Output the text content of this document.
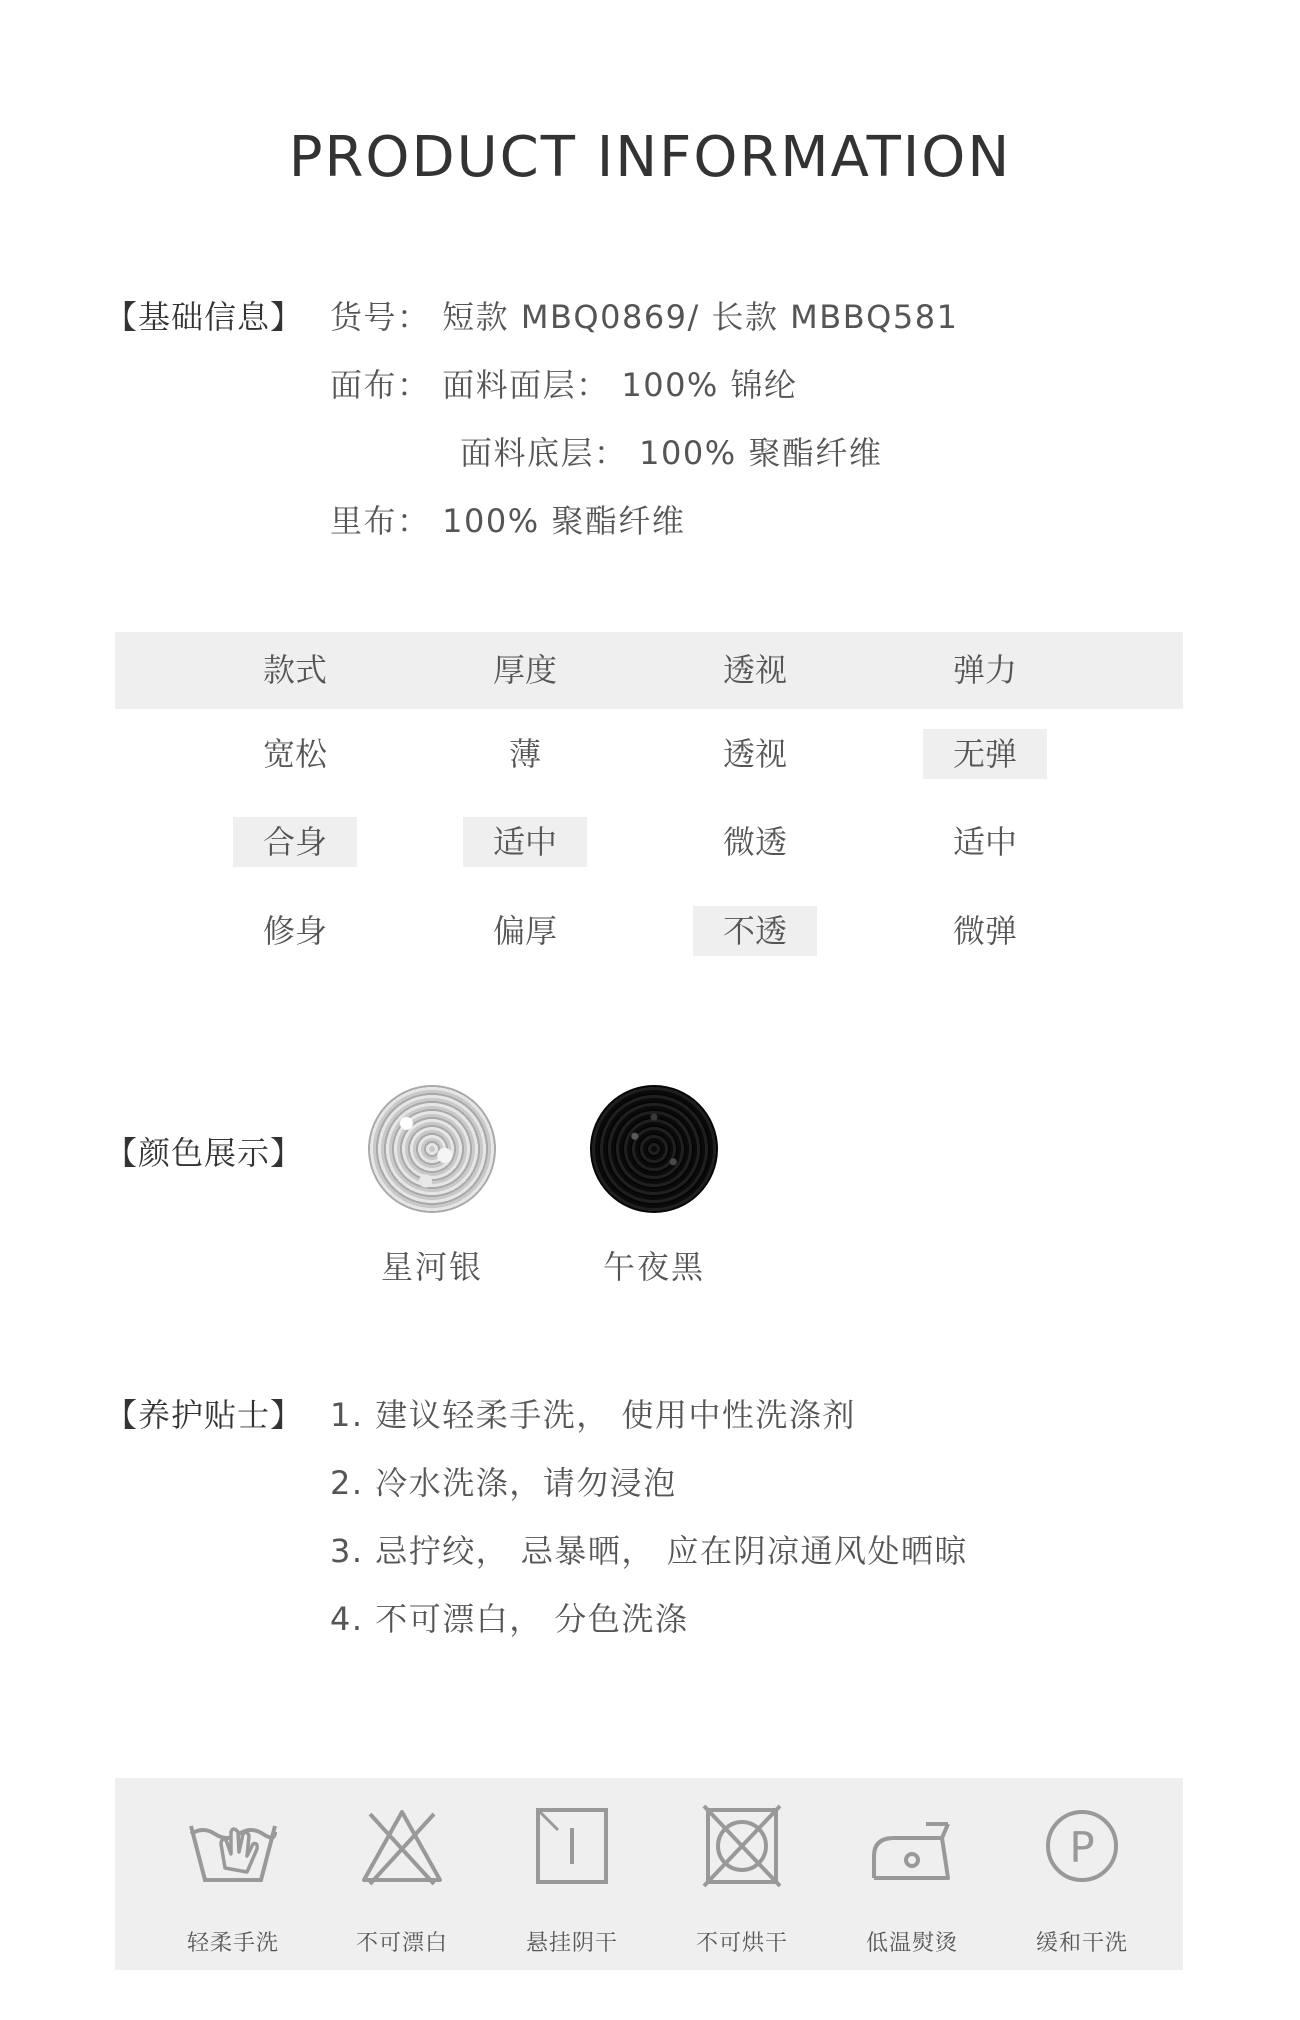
PRODUCT INFORMATION
【基础信息】 货号： 短款 MBQ0869/ 长款 MBBQ581
面布： 面料面层： 100% 锦纶
面料底层： 100% 聚酯纤维
里布： 100% 聚酯纤维
款式	厚度	透视	弹力
宽松	薄	透视	无弹
合身	适中	微透	适中
修身	偏厚	不透	微弹
【颜色展示】
星河银	午夜黑
【养护贴士】 1. 建议轻柔手洗， 使用中性洗涤剂
2. 冷水洗涤，请勿浸泡
3. 忌拧绞， 忌暴晒， 应在阴凉通风处晒晾
4. 不可漂白， 分色洗涤
轻柔手洗	不可漂白	悬挂阴干	不可烘干	低温熨烫
P
缓和干洗
